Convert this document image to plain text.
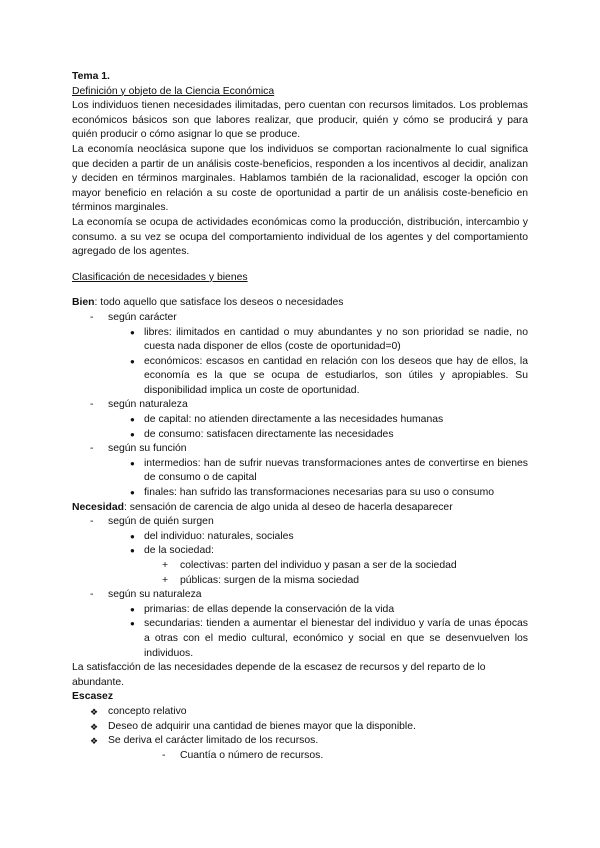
Tema 1.

Definición y objeto de la Ciencia Económica

Los individuos tienen necesidades ilimitadas, pero cuentan con recursos limitados. Los problemas económicos básicos son que labores realizar, que producir, quién y cómo se producirá y para quién producir o cómo asignar lo que se produce.

La economía neoclásica supone que los individuos se comportan racionalmente lo cual significa que deciden a partir de un análisis coste-beneficios, responden a los incentivos al decidir, analizan y deciden en términos marginales. Hablamos también de la racionalidad, escoger la opción con mayor beneficio en relación a su coste de oportunidad a partir de un análisis coste-beneficio en términos marginales.

La economía se ocupa de actividades económicas como la producción, distribución, intercambio y consumo. a su vez se ocupa del comportamiento individual de los agentes y del comportamiento agregado de los agentes.

Clasificación de necesidades y bienes

Bien: todo aquello que satisface los deseos o necesidades

- según carácter

● libres: ilimitados en cantidad o muy abundantes y no son prioridad se nadie, no cuesta nada disponer de ellos (coste de oportunidad=0)

● económicos: escasos en cantidad en relación con los deseos que hay de ellos, la economía es la que se ocupa de estudiarlos, son útiles y apropiables. Su disponibilidad implica un coste de oportunidad.

- según naturaleza

● de capital: no atienden directamente a las necesidades humanas

● de consumo: satisfacen directamente las necesidades

- según su función

● intermedios: han de sufrir nuevas transformaciones antes de convertirse en bienes de consumo o de capital

● finales: han sufrido las transformaciones necesarias para su uso o consumo

Necesidad: sensación de carencia de algo unida al deseo de hacerla desaparecer

- según de quién surgen

● del individuo: naturales, sociales

● de la sociedad:

+ colectivas: parten del individuo y pasan a ser de la sociedad

+ públicas: surgen de la misma sociedad

- según su naturaleza

● primarias: de ellas depende la conservación de la vida

● secundarias: tienden a aumentar el bienestar del individuo y varía de unas épocas a otras con el medio cultural, económico y social en que se desenvuelven los individuos.

La satisfacción de las necesidades depende de la escasez de recursos y del reparto de lo abundante.

Escasez

❖ concepto relativo

❖ Deseo de adquirir una cantidad de bienes mayor que la disponible.

❖ Se deriva el carácter limitado de los recursos.

- Cuantía o número de recursos.
